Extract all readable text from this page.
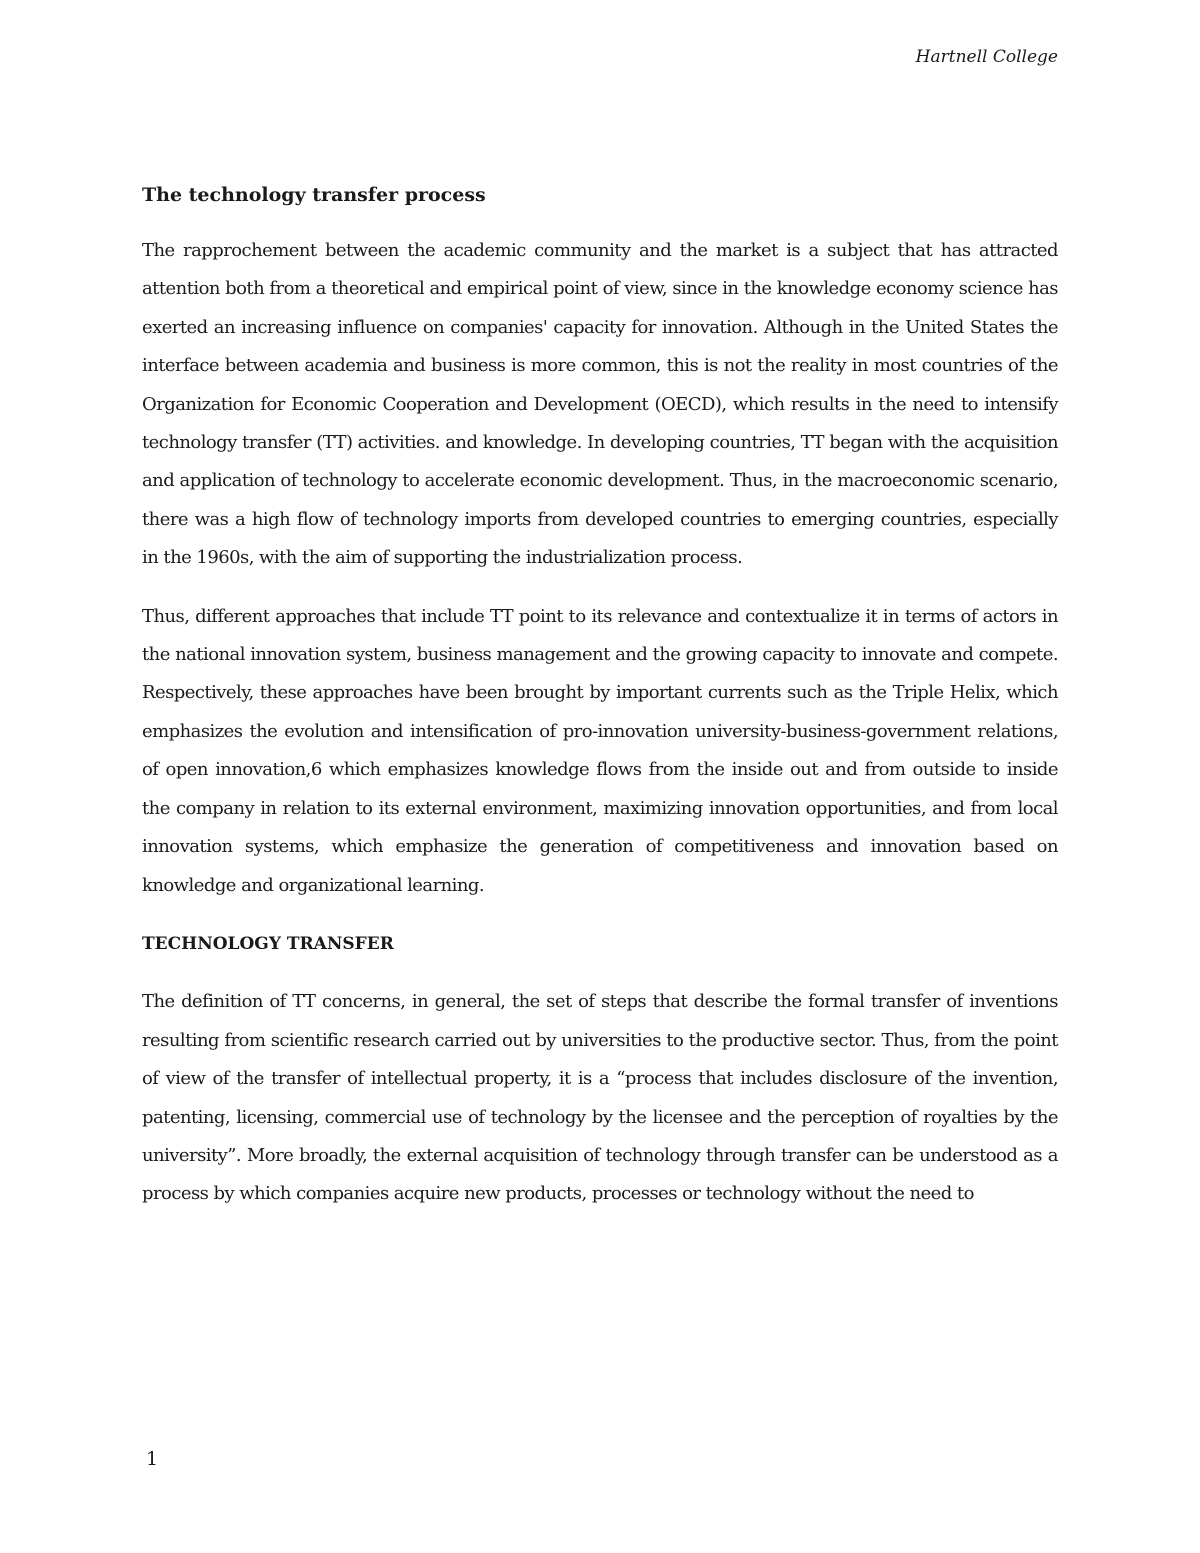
Hartnell College
The technology transfer process

The rapprochement between the academic community and the market is a subject that has attracted attention both from a theoretical and empirical point of view, since in the knowledge economy science has exerted an increasing influence on companies' capacity for innovation. Although in the United States the interface between academia and business is more common, this is not the reality in most countries of the Organization for Economic Cooperation and Development (OECD), which results in the need to intensify technology transfer (TT) activities. and knowledge. In developing countries, TT began with the acquisition and application of technology to accelerate economic development. Thus, in the macroeconomic scenario, there was a high flow of technology imports from developed countries to emerging countries, especially in the 1960s, with the aim of supporting the industrialization process.

Thus, different approaches that include TT point to its relevance and contextualize it in terms of actors in the national innovation system, business management and the growing capacity to innovate and compete. Respectively, these approaches have been brought by important currents such as the Triple Helix, which emphasizes the evolution and intensification of pro-innovation university-business-government relations, of open innovation,6 which emphasizes knowledge flows from the inside out and from outside to inside the company in relation to its external environment, maximizing innovation opportunities, and from local innovation systems, which emphasize the generation of competitiveness and innovation based on knowledge and organizational learning.

TECHNOLOGY TRANSFER

The definition of TT concerns, in general, the set of steps that describe the formal transfer of inventions resulting from scientific research carried out by universities to the productive sector. Thus, from the point of view of the transfer of intellectual property, it is a “process that includes disclosure of the invention, patenting, licensing, commercial use of technology by the licensee and the perception of royalties by the university”. More broadly, the external acquisition of technology through transfer can be understood as a process by which companies acquire new products, processes or technology without the need to

1
